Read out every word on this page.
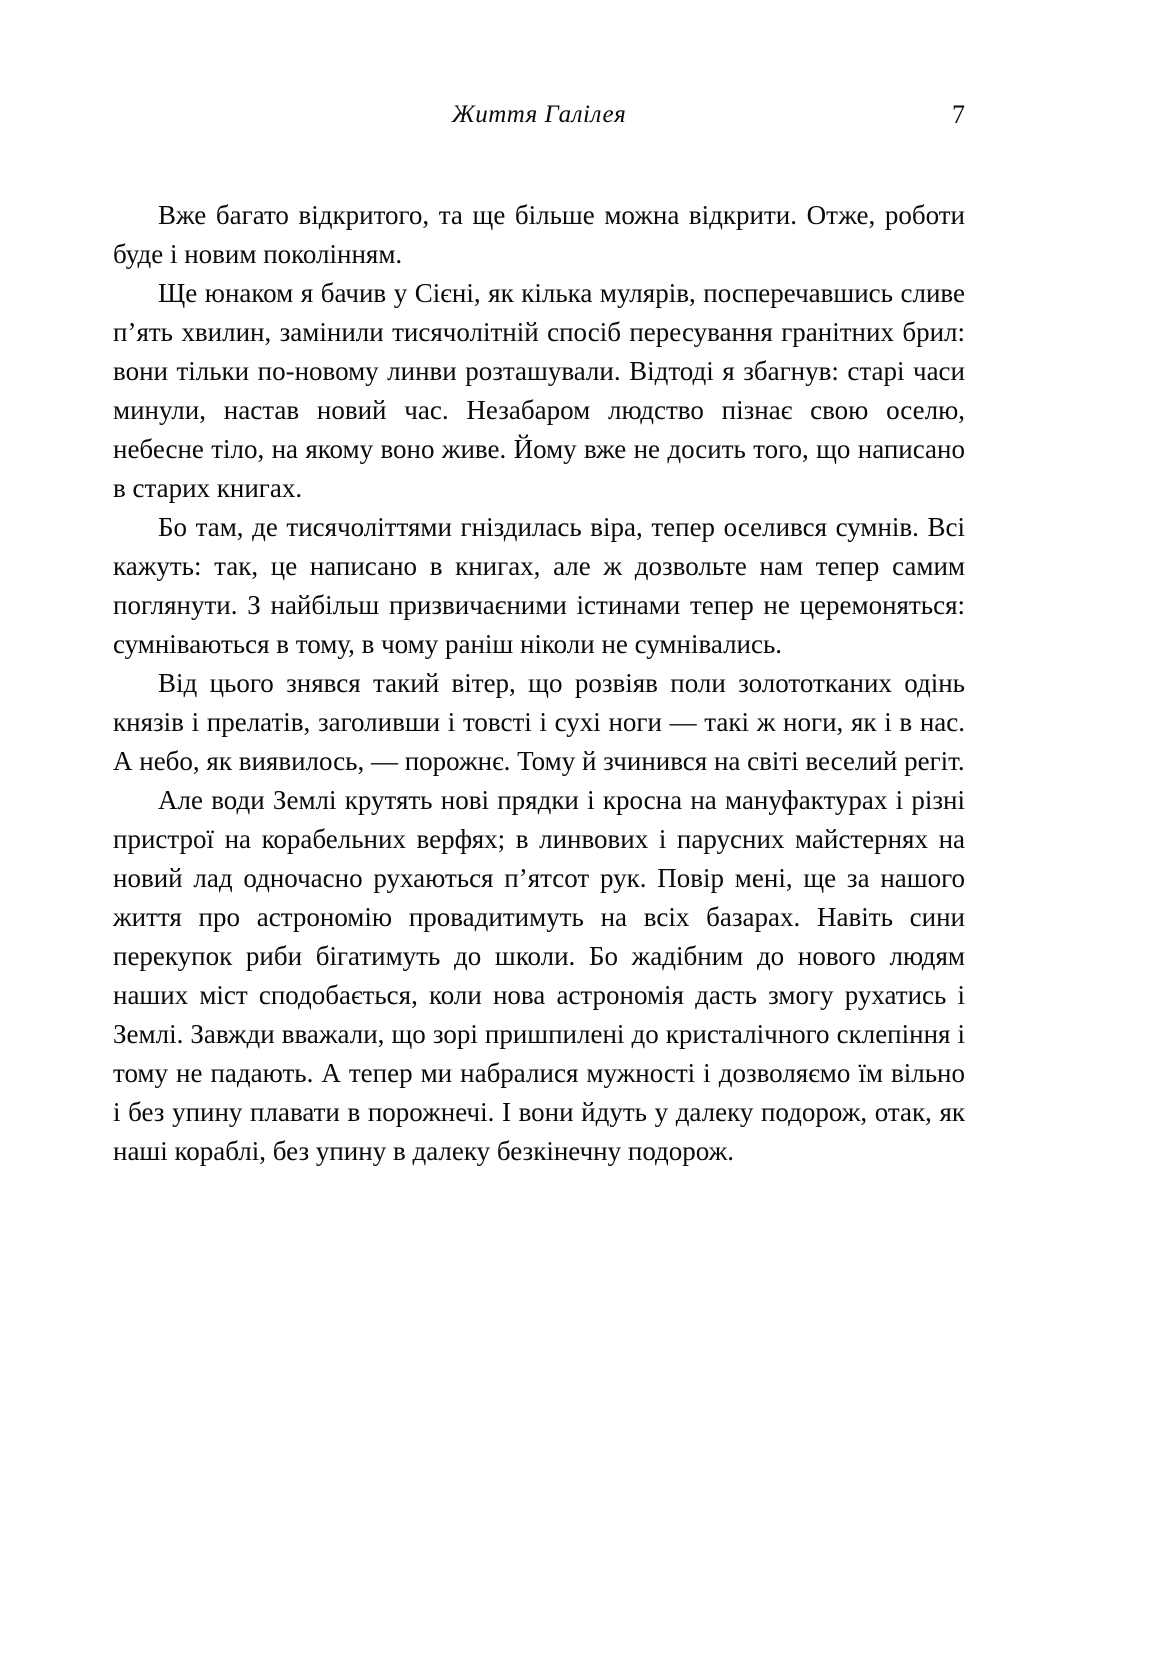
Життя Галілея	7

Вже багато відкритого, та ще більше можна відкрити. Отже, роботи буде і новим поколінням.

Ще юнаком я бачив у Сієні, як кілька мулярів, посперечавшись сливе п’ять хвилин, замінили тисячолітній спосіб пересування гранітних брил: вони тільки по-новому линви розташували. Відтоді я збагнув: старі часи минули, настав новий час. Незабаром людство пізнає свою оселю, небесне тіло, на якому воно живе. Йому вже не досить того, що написано в старих книгах.

Бо там, де тисячоліттями гніздилась віра, тепер оселився сумнів. Всі кажуть: так, це написано в книгах, але ж дозвольте нам тепер самим поглянути. З найбільш призвичаєними істинами тепер не церемоняться: сумніваються в тому, в чому раніш ніколи не сумнівались.

Від цього знявся такий вітер, що розвіяв поли золототканих одінь князів і прелатів, заголивши і товсті і сухі ноги — такі ж ноги, як і в нас. А небо, як виявилось, — порожнє. Тому й зчинився на світі веселий регіт.

Але води Землі крутять нові прядки і кросна на мануфактурах і різні пристрої на корабельних верфях; в линвових і парусних майстернях на новий лад одночасно рухаються п’ятсот рук. Повір мені, ще за нашого життя про астрономію провадитимуть на всіх базарах. Навіть сини перекупок риби бігатимуть до школи. Бо жадібним до нового людям наших міст сподобається, коли нова астрономія дасть змогу рухатись і Землі. Завжди вважали, що зорі пришпилені до кристалічного склепіння і тому не падають. А тепер ми набралися мужності і дозволяємо їм вільно і без упину плавати в порожнечі. І вони йдуть у далеку подорож, отак, як наші кораблі, без упину в далеку безкінечну подорож.
